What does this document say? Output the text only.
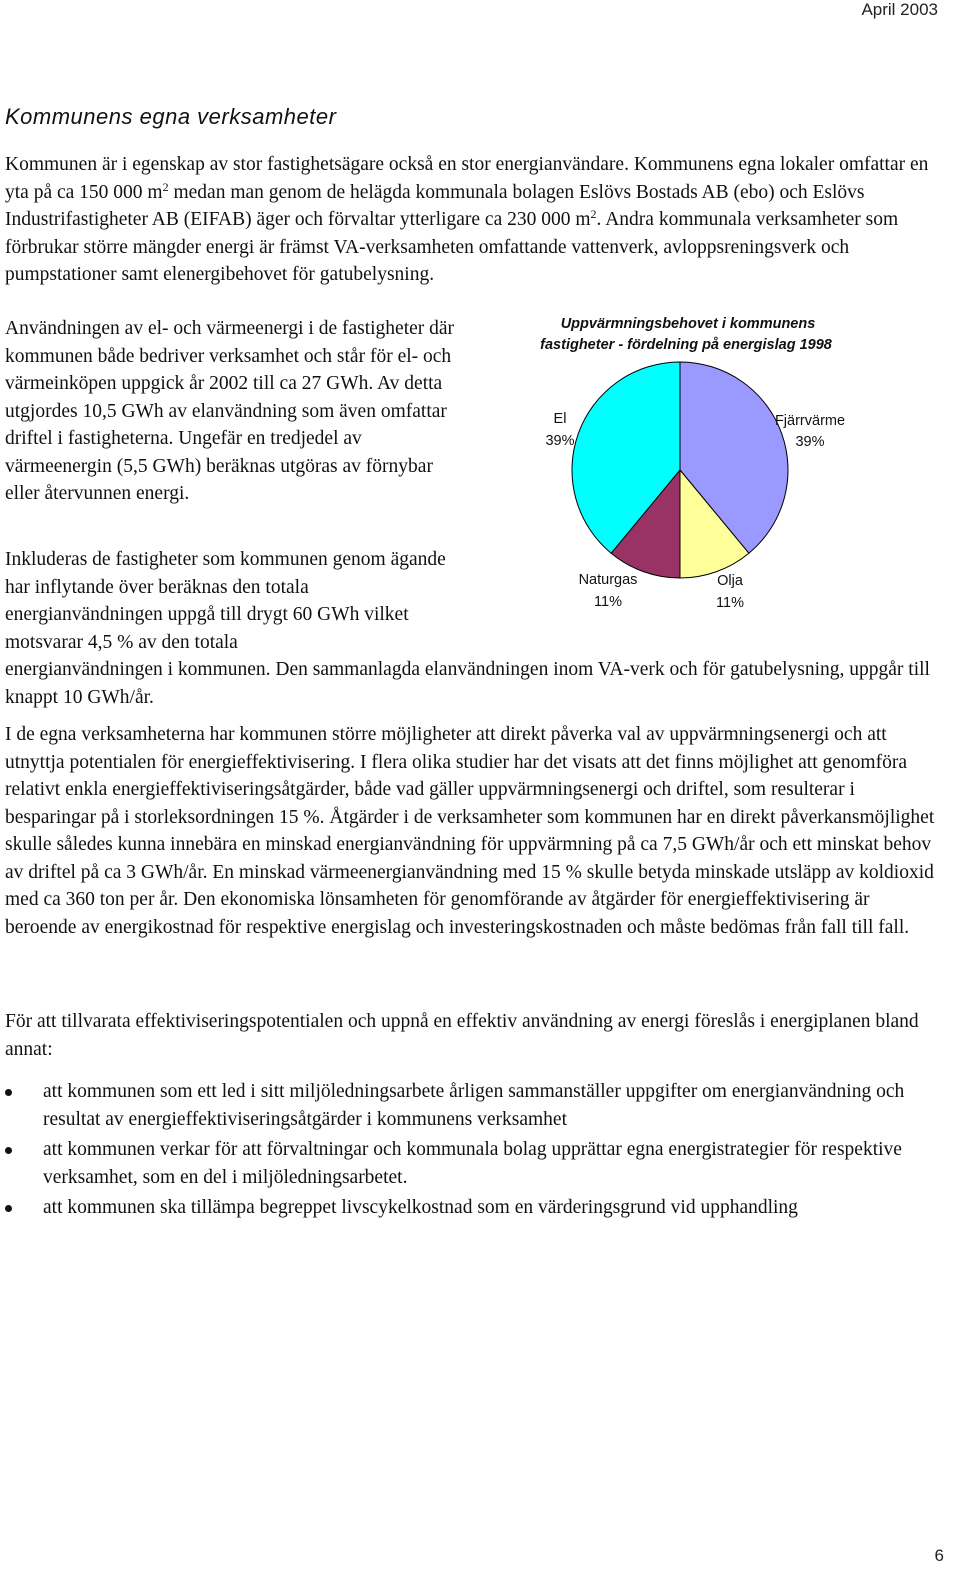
April 2003
Kommunens egna verksamheter

Kommunen är i egenskap av stor fastighetsägare också en stor energianvändare. Kommunens egna lokaler omfattar en yta på ca 150 000 $m^2$ medan man genom de helägda kommunala bolagen Eslövs Bostads AB (ebo) och Eslövs Industrifastigheter AB (EIFAB) äger och förvaltar ytterligare ca 230 000 $m^2$. Andra kommunala verksamheter som förbrukar större mängder energi är främst VA-verksamheten omfattande vattenverk, avloppsreningsverk och pumpstationer samt elenergibehovet för gatubelysning.

Användningen av el- och värmeenergi i de fastigheter där kommunen både bedriver verksamhet och står för el- och värmeinköpen uppgick år 2002 till ca 27 GWh. Av detta utgjordes 10,5 GWh av elanvändning som även omfattar driftel i fastigheterna. Ungefär en tredjedel av värmeenergin (5,5 GWh) beräknas utgöras av förnybar eller återvunnen energi.

Inkluderas de fastigheter som kommunen genom ägande har inflytande över beräknas den totala energianvändningen uppgå till drygt 60 GWh vilket motsvarar 4,5 % av den totala

energianvändningen i kommunen. Den sammanlagda elanvändningen inom VA-verk och för gatubelysning, uppgår till knappt 10 GWh/år.

I de egna verksamheterna har kommunen större möjligheter att direkt påverka val av uppvärmningsenergi och att utnyttja potentialen för energieffektivisering. I flera olika studier har det visats att det finns möjlighet att genomföra relativt enkla energieffektiviseringsåtgärder, både vad gäller uppvärmningsenergi och driftel, som resulterar i besparingar på i storleksordningen 15 %. Åtgärder i de verksamheter som kommunen har en direkt påverkansmöjlighet skulle således kunna innebära en minskad energianvändning för uppvärmning på ca 7,5 GWh/år och ett minskat behov av driftel på ca 3 GWh/år. En minskad värmeenergianvändning med 15 % skulle betyda minskade utsläpp av koldioxid med ca 360 ton per år. Den ekonomiska lönsamheten för genomförande av åtgärder för energieffektivisering är beroende av energikostnad för respektive energislag och investeringskostnaden och måste bedömas från fall till fall.

För att tillvarata effektiviseringspotentialen och uppnå en effektiv användning av energi föreslås i energiplanen bland annat:

att kommunen som ett led i sitt miljöledningsarbete årligen sammanställer uppgifter om energianvändning och resultat av energieffektiviseringsåtgärder i kommunens verksamhet
att kommunen verkar för att förvaltningar och kommunala bolag upprättar egna energistrategier för respektive verksamhet, som en del i miljöledningsarbetet.
att kommunen ska tillämpa begreppet livscykelkostnad som en värderingsgrund vid upphandling
Uppvärmningsbehovet i kommunens
fastigheter - fördelning på energislag 1998
Fjärrvärme
39%
Olja
11%
Naturgas
11%
El
39%
6
